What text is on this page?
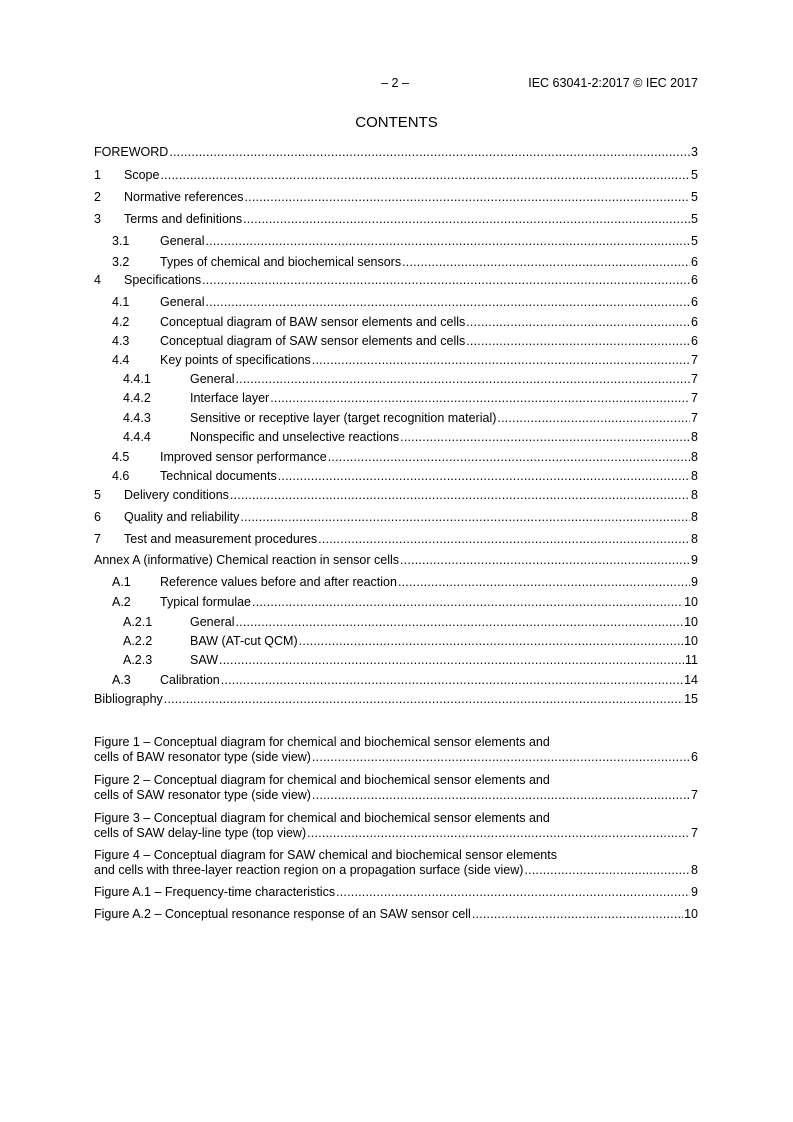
– 2 –	IEC 63041-2:2017 © IEC 2017
CONTENTS
FOREWORD .....	3
1	Scope .....	5
2	Normative references .....	5
3	Terms and definitions .....	5
3.1	General .....	5
3.2	Types of chemical and biochemical sensors .....	6
4	Specifications .....	6
4.1	General .....	6
4.2	Conceptual diagram of BAW sensor elements and cells .....	6
4.3	Conceptual diagram of SAW sensor elements and cells .....	6
4.4	Key points of specifications .....	7
4.4.1	General .....	7
4.4.2	Interface layer .....	7
4.4.3	Sensitive or receptive layer (target recognition material) .....	7
4.4.4	Nonspecific and unselective reactions .....	8
4.5	Improved sensor performance .....	8
4.6	Technical documents .....	8
5	Delivery conditions .....	8
6	Quality and reliability .....	8
7	Test and measurement procedures .....	8
Annex A (informative) Chemical reaction in sensor cells .....	9
A.1	Reference values before and after reaction .....	9
A.2	Typical formulae .....	10
A.2.1	General .....	10
A.2.2	BAW (AT-cut QCM) .....	10
A.2.3	SAW .....	11
A.3	Calibration .....	14
Bibliography .....	15
Figure 1 – Conceptual diagram for chemical and biochemical sensor elements and
cells of BAW resonator type (side view) .....	6
Figure 2 – Conceptual diagram for chemical and biochemical sensor elements and
cells of SAW resonator type (side view) .....	7
Figure 3 – Conceptual diagram for chemical and biochemical sensor elements and
cells of SAW delay-line type (top view) .....	7
Figure 4 – Conceptual diagram for SAW chemical and biochemical sensor elements
and cells with three-layer reaction region on a propagation surface (side view) .....	8
Figure A.1 – Frequency-time characteristics .....	9
Figure A.2 – Conceptual resonance response of an SAW sensor cell .....	10
